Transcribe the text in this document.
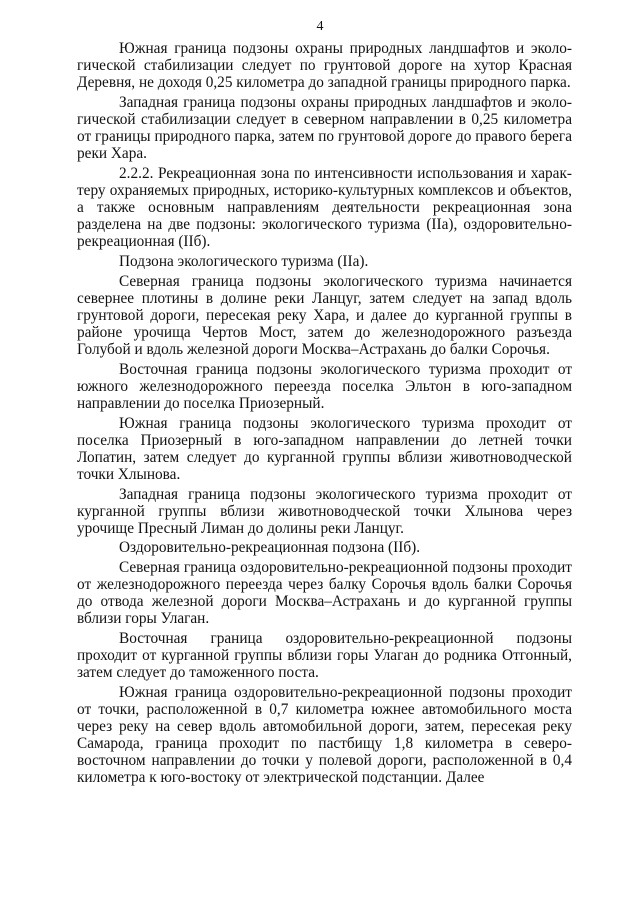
4

Южная граница подзоны охраны природных ландшафтов и эколо-гической стабилизации следует по грунтовой дороге на хутор Красная Деревня, не доходя 0,25 километра до западной границы природного парка.

Западная граница подзоны охраны природных ландшафтов и эколо-гической стабилизации следует в северном направлении в 0,25 километра от границы природного парка, затем по грунтовой дороге до правого берега реки Хара.

2.2.2. Рекреационная зона по интенсивности использования и харак-теру охраняемых природных, историко-культурных комплексов и объектов, а также основным направлениям деятельности рекреационная зона разделена на две подзоны: экологического туризма (IIа), оздоровительно-рекреационная (IIб).

Подзона экологического туризма (IIа).

Северная граница подзоны экологического туризма начинается севернее плотины в долине реки Ланцуг, затем следует на запад вдоль грунтовой дороги, пересекая реку Хара, и далее до курганной группы в районе урочища Чертов Мост, затем до железнодорожного разъезда Голубой и вдоль железной дороги Москва–Астрахань до балки Сорочья.

Восточная граница подзоны экологического туризма проходит от южного железнодорожного переезда поселка Эльтон в юго-западном направлении до поселка Приозерный.

Южная граница подзоны экологического туризма проходит от поселка Приозерный в юго-западном направлении до летней точки Лопатин, затем следует до курганной группы вблизи животноводческой точки Хлынова.

Западная граница подзоны экологического туризма проходит от курганной группы вблизи животноводческой точки Хлынова через урочище Пресный Лиман до долины реки Ланцуг.

Оздоровительно-рекреационная подзона (IIб).

Северная граница оздоровительно-рекреационной подзоны проходит от железнодорожного переезда через балку Сорочья вдоль балки Сорочья до отвода железной дороги Москва–Астрахань и до курганной группы вблизи горы Улаган.

Восточная граница оздоровительно-рекреационной подзоны проходит от курганной группы вблизи горы Улаган до родника Отгонный, затем следует до таможенного поста.

Южная граница оздоровительно-рекреационной подзоны проходит от точки, расположенной в 0,7 километра южнее автомобильного моста через реку на север вдоль автомобильной дороги, затем, пересекая реку Самарода, граница проходит по пастбищу 1,8 километра в северо-восточном направлении до точки у полевой дороги, расположенной в 0,4 километра к юго-востоку от электрической подстанции. Далее
